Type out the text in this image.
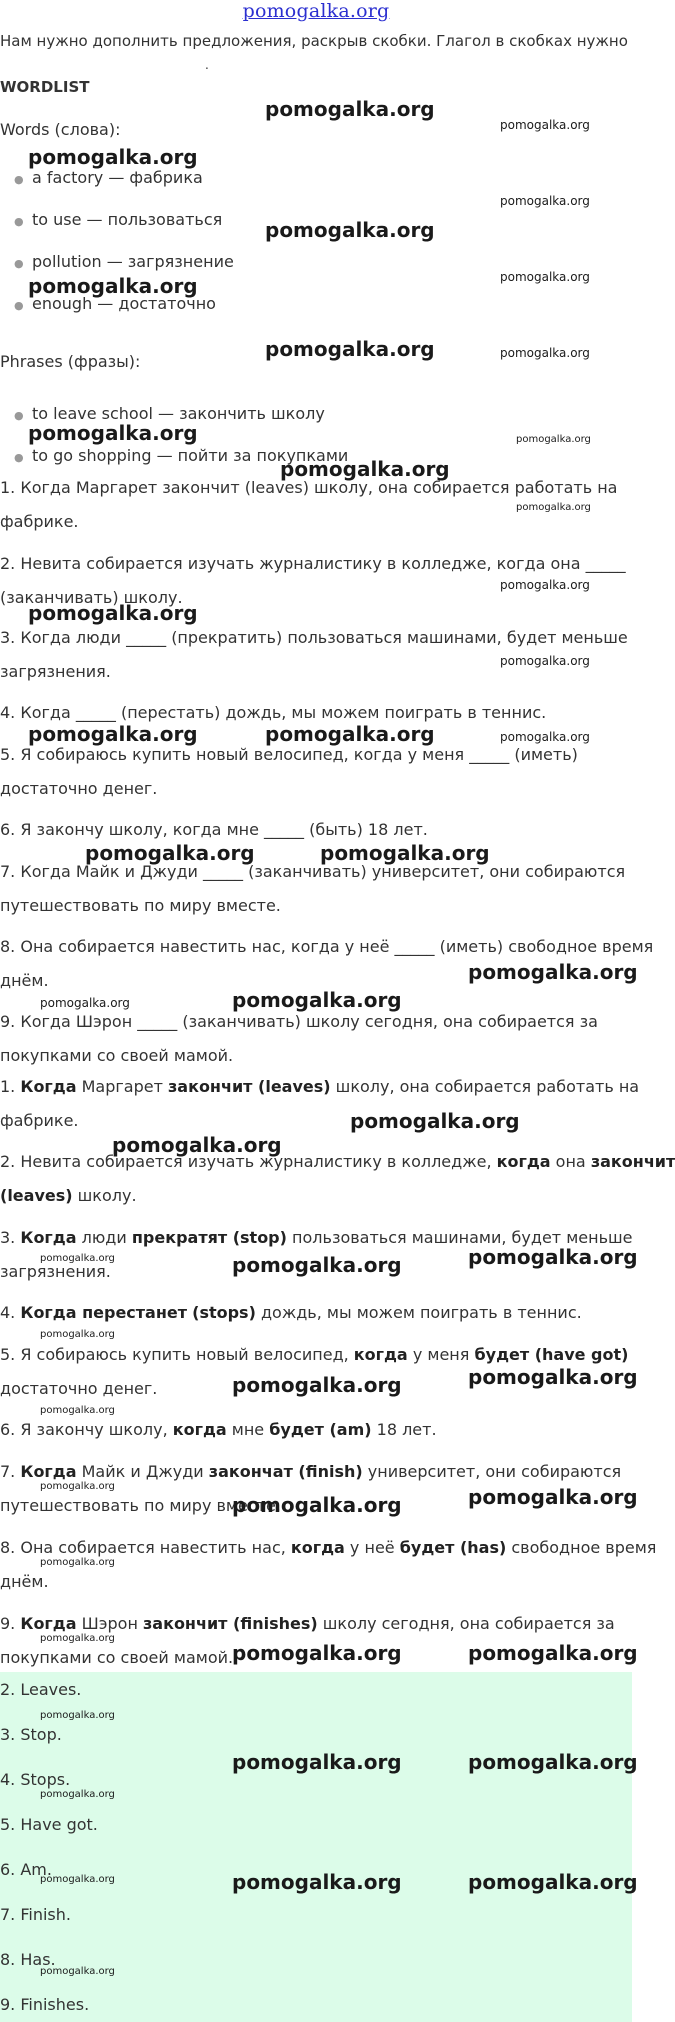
pomogalka.org
Нам нужно дополнить предложения, раскрыв скобки. Глагол в скобках нужно
.
WORDLIST
Words (слова):
● a factory — фабрика
● to use — пользоваться
● pollution — загрязнение
● enough — достаточно
Phrases (фразы):
● to leave school — закончить школу
● to go shopping — пойти за покупками
1. Когда Маргарет закончит (leaves) школу, она собирается работать на
фабрике.
2. Невита собирается изучать журналистику в колледже, когда она _____
(заканчивать) школу.
3. Когда люди _____ (прекратить) пользоваться машинами, будет меньше
загрязнения.
4. Когда _____ (перестать) дождь, мы можем поиграть в теннис.
5. Я собираюсь купить новый велосипед, когда у меня _____ (иметь)
достаточно денег.
6. Я закончу школу, когда мне _____ (быть) 18 лет.
7. Когда Майк и Джуди _____ (заканчивать) университет, они собираются
путешествовать по миру вместе.
8. Она собирается навестить нас, когда у неё _____ (иметь) свободное время
днём.
9. Когда Шэрон _____ (заканчивать) школу сегодня, она собирается за
покупками со своей мамой.
1. Когда Маргарет закончит (leaves) школу, она собирается работать на
фабрике.
2. Невита собирается изучать журналистику в колледже, когда она закончит
(leaves) школу.
3. Когда люди прекратят (stop) пользоваться машинами, будет меньше
загрязнения.
4. Когда перестанет (stops) дождь, мы можем поиграть в теннис.
5. Я собираюсь купить новый велосипед, когда у меня будет (have got)
достаточно денег.
6. Я закончу школу, когда мне будет (am) 18 лет.
7. Когда Майк и Джуди закончат (finish) университет, они собираются
путешествовать по миру вместе.
8. Она собирается навестить нас, когда у неё будет (has) свободное время
днём.
9. Когда Шэрон закончит (finishes) школу сегодня, она собирается за
покупками со своей мамой.
2. Leaves.
3. Stop.
4. Stops.
5. Have got.
6. Am.
7. Finish.
8. Has.
9. Finishes.
pomogalka.org
pomogalka.org
pomogalka.org
pomogalka.org
pomogalka.org
pomogalka.org	pomogalka.org
pomogalka.org	pomogalka.org
pomogalka.org	pomogalka.org
pomogalka.org
pomogalka.org
pomogalka.org
pomogalka.org
pomogalka.org
pomogalka.org	pomogalka.org	pomogalka.org
pomogalka.org	pomogalka.org
pomogalka.org
pomogalka.org	pomogalka.org
pomogalka.org
pomogalka.org
pomogalka.org	pomogalka.org	pomogalka.org
pomogalka.org
pomogalka.org	pomogalka.org
pomogalka.org
pomogalka.org
pomogalka.org	pomogalka.org
pomogalka.org
pomogalka.org	pomogalka.org
pomogalka.org
pomogalka.org
pomogalka.org	pomogalka.org
pomogalka.org
pomogalka.org	pomogalka.org
pomogalka.org
pomogalka.org
